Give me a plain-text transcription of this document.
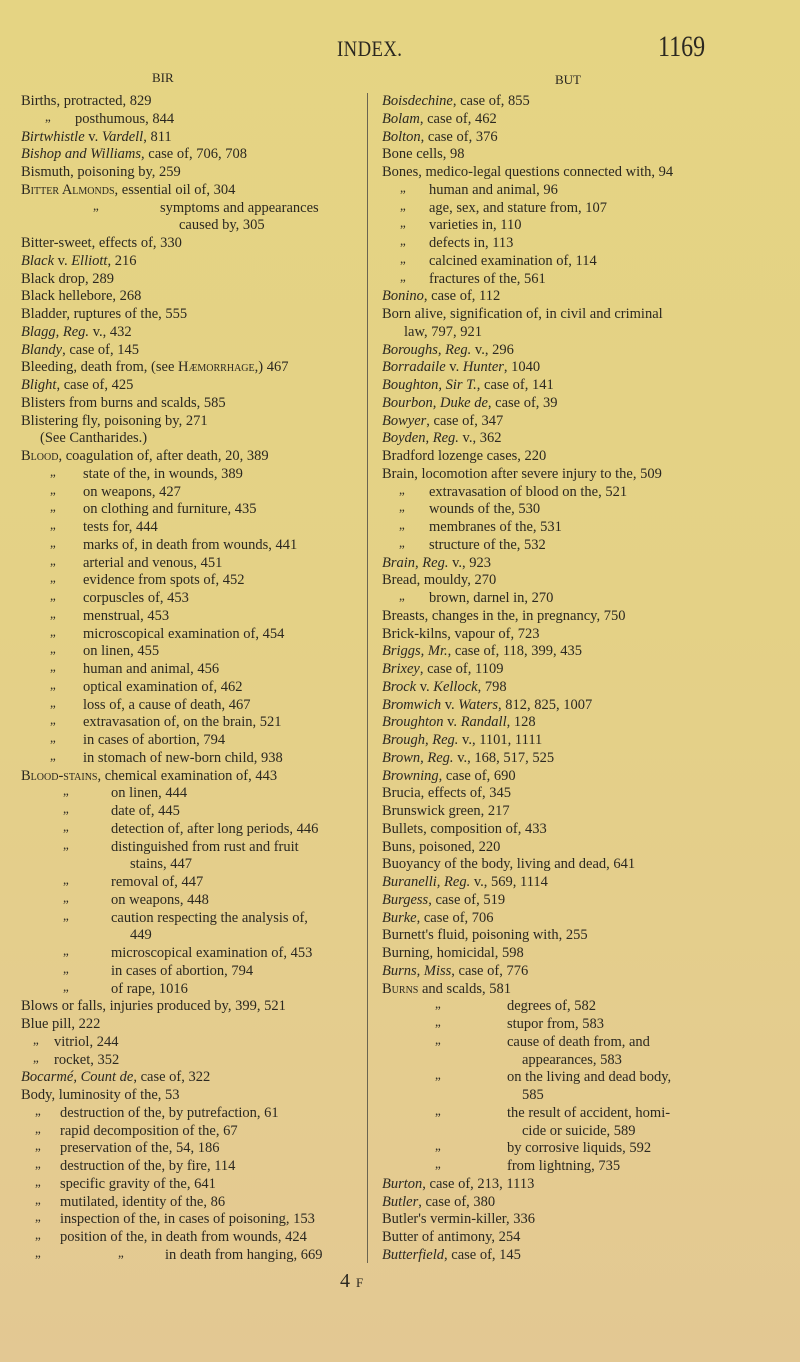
INDEX.	1169
BIR	BUT
Births, protracted, 829
” posthumous, 844
Birtwhistle v. Vardell, 811
Bishop and Williams, case of, 706, 708
Bismuth, poisoning by, 259
Bitter Almonds, essential oil of, 304
”	symptoms and appearances
caused by, 305
Bitter-sweet, effects of, 330
Black v. Elliott, 216
Black drop, 289
Black hellebore, 268
Bladder, ruptures of the, 555
Blagg, Reg. v., 432
Blandy, case of, 145
Bleeding, death from, (see Hæmorrhage,) 467
Blight, case of, 425
Blisters from burns and scalds, 585
Blistering fly, poisoning by, 271
(See Cantharides.)
Blood, coagulation of, after death, 20, 389
” state of the, in wounds, 389
” on weapons, 427
” on clothing and furniture, 435
” tests for, 444
” marks of, in death from wounds, 441
” arterial and venous, 451
” evidence from spots of, 452
” corpuscles of, 453
” menstrual, 453
” microscopical examination of, 454
” on linen, 455
” human and animal, 456
” optical examination of, 462
” loss of, a cause of death, 467
” extravasation of, on the brain, 521
” in cases of abortion, 794
” in stomach of new-born child, 938
Blood-stains, chemical examination of, 443
”	on linen, 444
”	date of, 445
”	detection of, after long periods, 446
”	distinguished from rust and fruit
stains, 447
”	removal of, 447
”	on weapons, 448
”	caution respecting the analysis of,
449
”	microscopical examination of, 453
”	in cases of abortion, 794
”	of rape, 1016
Blows or falls, injuries produced by, 399, 521
Blue pill, 222
” vitriol, 244
” rocket, 352
Bocarmé, Count de, case of, 322
Body, luminosity of the, 53
” destruction of the, by putrefaction, 61
” rapid decomposition of the, 67
” preservation of the, 54, 186
” destruction of the, by fire, 114
” specific gravity of the, 641
” mutilated, identity of the, 86
” inspection of the, in cases of poisoning, 153
” position of the, in death from wounds, 424
”	”	in death from hanging, 669
Boisdechine, case of, 855
Bolam, case of, 462
Bolton, case of, 376
Bone cells, 98
Bones, medico-legal questions connected with, 94
” human and animal, 96
” age, sex, and stature from, 107
” varieties in, 110
” defects in, 113
” calcined examination of, 114
” fractures of the, 561
Bonino, case of, 112
Born alive, signification of, in civil and criminal
law, 797, 921
Boroughs, Reg. v., 296
Borradaile v. Hunter, 1040
Boughton, Sir T., case of, 141
Bourbon, Duke de, case of, 39
Bowyer, case of, 347
Boyden, Reg. v., 362
Bradford lozenge cases, 220
Brain, locomotion after severe injury to the, 509
” extravasation of blood on the, 521
” wounds of the, 530
” membranes of the, 531
” structure of the, 532
Brain, Reg. v., 923
Bread, mouldy, 270
” brown, darnel in, 270
Breasts, changes in the, in pregnancy, 750
Brick-kilns, vapour of, 723
Briggs, Mr., case of, 118, 399, 435
Brixey, case of, 1109
Brock v. Kellock, 798
Bromwich v. Waters, 812, 825, 1007
Broughton v. Randall, 128
Brough, Reg. v., 1101, 1111
Brown, Reg. v., 168, 517, 525
Browning, case of, 690
Brucia, effects of, 345
Brunswick green, 217
Bullets, composition of, 433
Buns, poisoned, 220
Buoyancy of the body, living and dead, 641
Buranelli, Reg. v., 569, 1114
Burgess, case of, 519
Burke, case of, 706
Burnett's fluid, poisoning with, 255
Burning, homicidal, 598
Burns, Miss, case of, 776
Burns and scalds, 581
”	degrees of, 582
”	stupor from, 583
”	cause of death from, and
appearances, 583
”	on the living and dead body,
585
”	the result of accident, homi-
cide or suicide, 589
”	by corrosive liquids, 592
”	from lightning, 735
Burton, case of, 213, 1113
Butler, case of, 380
Butler's vermin-killer, 336
Butter of antimony, 254
Butterfield, case of, 145
4 F
